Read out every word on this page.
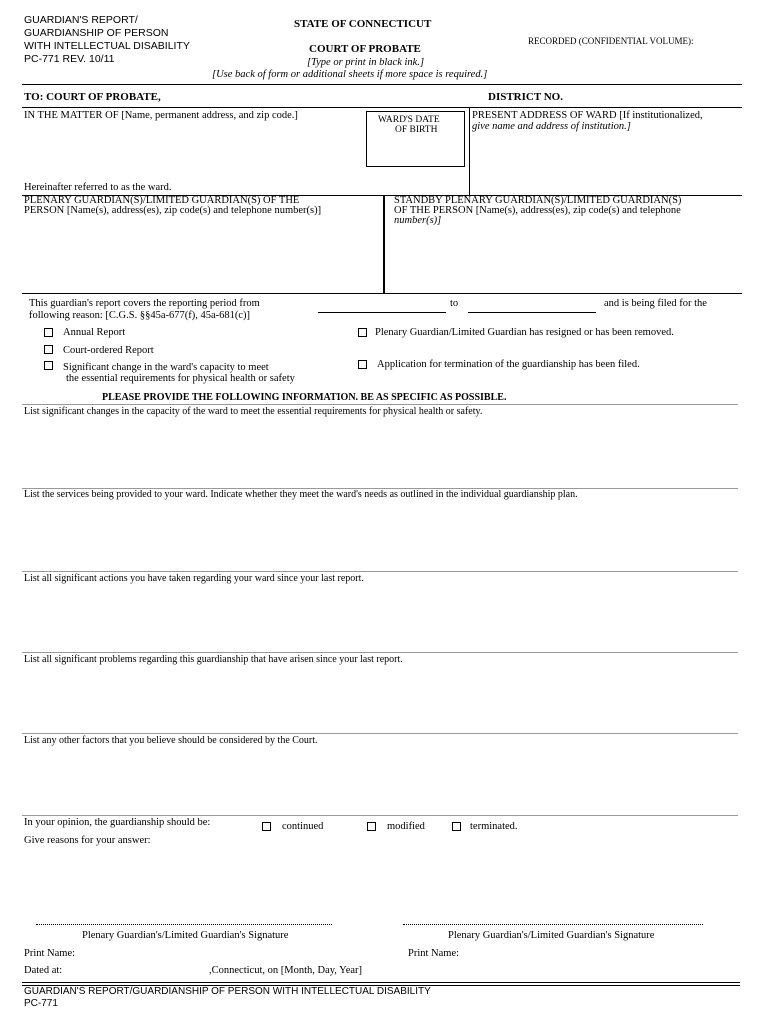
GUARDIAN'S REPORT/
GUARDIANSHIP OF PERSON
WITH INTELLECTUAL DISABILITY
PC-771 REV. 10/11
STATE OF CONNECTICUT
COURT OF PROBATE
[Type or print in black ink.]
[Use back of form or additional sheets if more space is required.]
RECORDED (CONFIDENTIAL VOLUME):
TO: COURT OF PROBATE,	DISTRICT NO.
IN THE MATTER OF [Name, permanent address, and zip code.]	WARD'S DATE
OF BIRTH
PRESENT ADDRESS OF WARD [If institutionalized,
give name and address of institution.]
Hereinafter referred to as the ward.
PLENARY GUARDIAN(S)/LIMITED GUARDIAN(S) OF THE
PERSON [Name(s), address(es), zip code(s) and telephone number(s)]
STANDBY PLENARY GUARDIAN(S)/LIMITED GUARDIAN(S)
OF THE PERSON [Name(s), address(es), zip code(s) and telephone
number(s)]
This guardian's report covers the reporting period from	to	and is being filed for the
following reason: [C.G.S. §§45a-677(f), 45a-681(c)]
Annual Report
Court-ordered Report
Significant change in the ward's capacity to meet
the essential requirements for physical health or safety
Plenary Guardian/Limited Guardian has resigned or has been removed.
Application for termination of the guardianship has been filed.
PLEASE PROVIDE THE FOLLOWING INFORMATION. BE AS SPECIFIC AS POSSIBLE.
List significant changes in the capacity of the ward to meet the essential requirements for physical health or safety.
List the services being provided to your ward. Indicate whether they meet the ward's needs as outlined in the individual guardianship plan.
List all significant actions you have taken regarding your ward since your last report.
List all significant problems regarding this guardianship that have arisen since your last report.
List any other factors that you believe should be considered by the Court.
In your opinion, the guardianship should be:	continued	modified	terminated.
Give reasons for your answer:
Plenary Guardian's/Limited Guardian's Signature	Plenary Guardian's/Limited Guardian's Signature
Print Name:	Print Name:
Dated at:	,Connecticut, on [Month, Day, Year]
GUARDIAN'S REPORT/GUARDIANSHIP OF PERSON WITH INTELLECTUAL DISABILITY
PC-771
